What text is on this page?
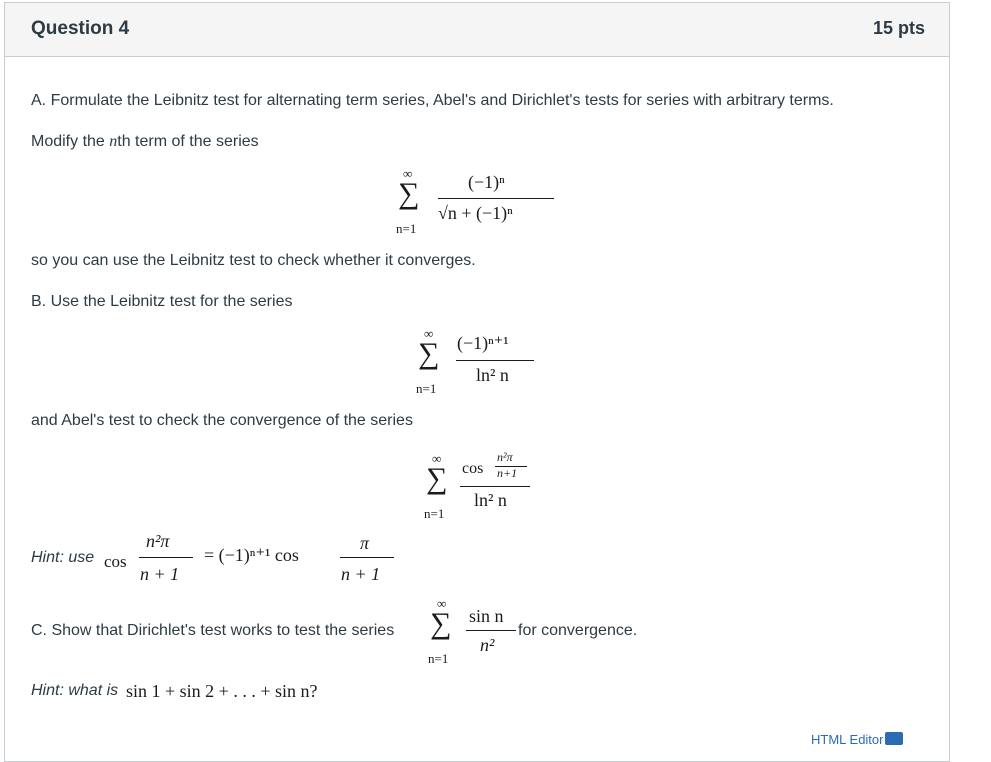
Question 4	15 pts
A. Formulate the Leibnitz test for alternating term series, Abel's and Dirichlet's tests for series with arbitrary terms.
Modify the nth term of the series
∞
∑
n=1
(−1)ⁿ
√n + (−1)ⁿ
so you can use the Leibnitz test to check whether it converges.
B. Use the Leibnitz test for the series
∞
∑
n=1
(−1)ⁿ⁺¹
ln² n
and Abel's test to check the convergence of the series
∞
∑
n=1
cos
n²π
n+1
ln² n
Hint: use cos
n²π
n + 1
= (−1)ⁿ⁺¹ cos
π
n + 1
C. Show that Dirichlet's test works to test the series
∞
∑
n=1
sin n
n²
for convergence.
Hint: what is sin 1 + sin 2 + . . . + sin n?
HTML Editor
